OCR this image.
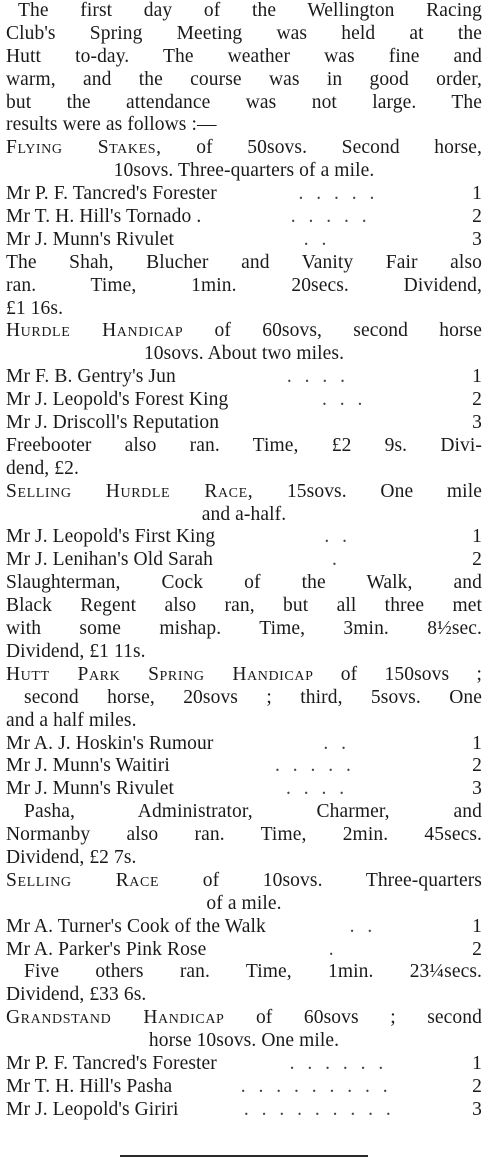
The first day of the Wellington Racing
Club's Spring Meeting was held at the
Hutt to-day. The weather was fine and
warm, and the course was in good order,
but the attendance was not large. The
results were as follows :—
Flying Stakes, of 50sovs. Second horse,
10sovs. Three-quarters of a mile.
Mr P. F. Tancred's Forester	. . . . .	1
Mr T. H. Hill's Tornado .	. . . . .	2
Mr J. Munn's Rivulet	. .	3
The Shah, Blucher and Vanity Fair also
ran. Time, 1min. 20secs. Dividend,
£1 16s.
Hurdle Handicap of 60sovs, second horse
10sovs. About two miles.
Mr F. B. Gentry's Jun	. . . .	1
Mr J. Leopold's Forest King	. . .	2
Mr J. Driscoll's Reputation	3
Freebooter also ran. Time, £2 9s. Divi-
dend, £2.
Selling Hurdle Race, 15sovs. One mile
and a-half.
Mr J. Leopold's First King	. .	1
Mr J. Lenihan's Old Sarah	.	2
Slaughterman, Cock of the Walk, and
Black Regent also ran, but all three met
with some mishap. Time, 3min. 8½sec.
Dividend, £1 11s.
Hutt Park Spring Handicap of 150sovs ;
second horse, 20sovs ; third, 5sovs. One
and a half miles.
Mr A. J. Hoskin's Rumour	. .	1
Mr J. Munn's Waitiri	. . . . .	2
Mr J. Munn's Rivulet	. . . .	3
Pasha, Administrator, Charmer, and
Normanby also ran. Time, 2min. 45secs.
Dividend, £2 7s.
Selling Race of 10sovs. Three-quarters
of a mile.
Mr A. Turner's Cook of the Walk	. .	1
Mr A. Parker's Pink Rose	.	2
Five others ran. Time, 1min. 23¼secs.
Dividend, £33 6s.
Grandstand Handicap of 60sovs ; second
horse 10sovs. One mile.
Mr P. F. Tancred's Forester	. . . . . .	1
Mr T. H. Hill's Pasha	. . . . . . . . .	2
Mr J. Leopold's Giriri	. . . . . . . . .	3
